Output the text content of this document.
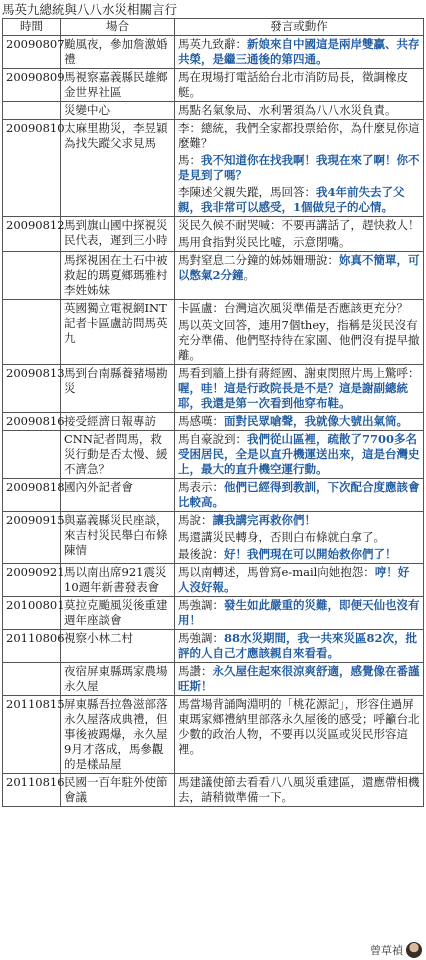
馬英九總統與八八水災相關言行
時間	場合	發言或動作
20090807	颱風夜，參加詹激婚禮	馬英九致辭：新娘來自中國這是兩岸雙贏、共存共榮，是繼三通後的第四通。

20090809	馬視察嘉義縣民雄鄉金世界社區	馬在現場打電話給台北市消防局長，徵調橡皮艇。

	災變中心	馬點名氣象局、水利署須為八八水災負責。

20090810	太麻里勘災，李昱穎為找失蹤父求見馬	李：總統，我們全家都投票給你，為什麼見你這麼難？
馬：我不知道你在找我啊！我現在來了啊！你不是見到了嗎？
李陳述父親失蹤，馬回答：我4年前失去了父親，我非常可以感受，1個做兒子的心情。

20090812	馬到旗山國中探視災民代表，遲到三小時	災民久候不耐哭喊：不要再講話了，趕快救人！
馬用食指對災民比嘘，示意閉嘴。

	馬探視困在土石中被救起的瑪夏鄉瑪雅村李姓姊妹	馬對窒息二分鐘的姊姊姍珊說：妳真不簡單，可以憋氣2分鐘。

	英國獨立電視網INT記者卡區盧訪問馬英九	卡區盧：台灣這次風災準備是否應該更充分？
馬以英文回答，連用7個they，指稱是災民沒有充分準備、他們堅持待在家園、他們沒有提早撤離。

20090813	馬到台南縣養豬場勘災	馬看到牆上掛有蔣經國、謝東閔照片馬上驚呼：喔，哇！這是行政院長是不是？這是謝副總統耶，我還是第一次看到他穿布鞋。

20090816	接受經濟日報專訪	馬感嘆：面對民眾嗆聲，我就像大號出氣筒。

	CNN記者問馬，救災行動是否太慢、緩不濟急？	馬自豪說到：我們從山區裡，疏散了7700多名受困居民，全是以直升機運送出來，這是台灣史上，最大的直升機空運行動。

20090818	國內外記者會	馬表示：他們已經得到教訓，下次配合度應該會比較高。

20090915	與嘉義縣災民座談，來吉村災民舉白布條陳情	馬說：讓我講完再救你們！
馬還講災民轉身，否則白布條就白拿了。
最後說：好！我們現在可以開始救你們了！

20090921	馬以南出席921震災10週年新書發表會	馬以南轉述，馬曾寫e-mail向她抱怨：哼！好人沒好報。

20100801	莫拉克颱風災後重建週年座談會	馬強調：發生如此嚴重的災難，即便天仙也沒有用！

20110806	視察小林二村	馬強調：88水災期間，我一共來災區82次，批評的人自己才應該親自來看看。

	夜宿屏東縣瑪家農場永久屋	馬讚：永久屋住起來很涼爽舒適，感覺像在番謹旺斯！

20110815	屏東縣吾拉魯滋部落永久屋落成典禮，但事後被踢爆，永久屋9月才落成，馬參觀的是樣品屋	馬當場背誦陶淵明的「桃花源記」，形容住過屏東瑪家鄉禮納里部落永久屋後的感受；呼籲台北少數的政治人物，不要再以災區或災民形容這裡。

20110816	民國一百年駐外使節會議	馬建議使節去看看八八風災重建區，還應帶相機去，請稍微準備一下。
曾草禎
